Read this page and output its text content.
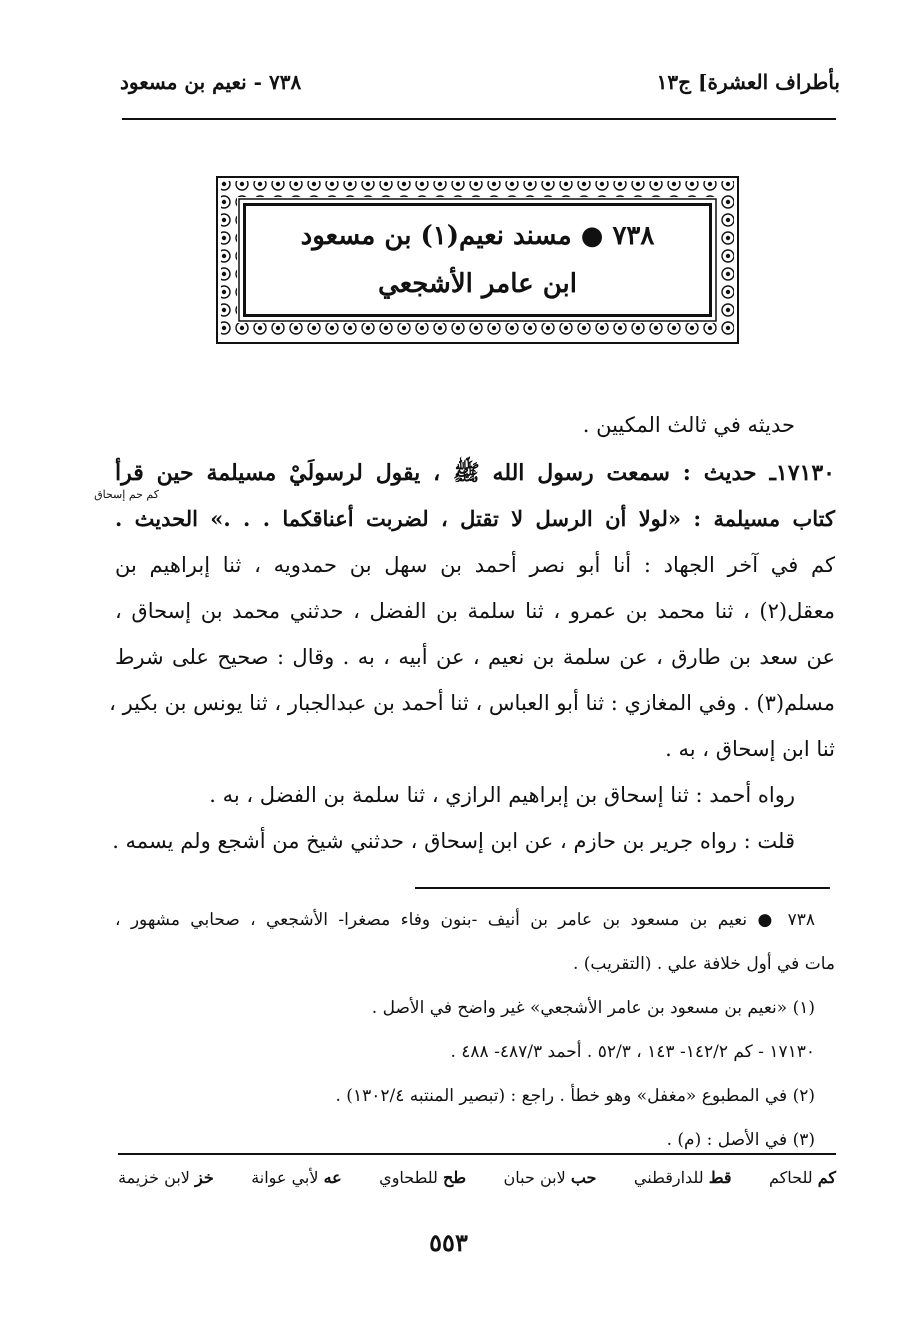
بأطراف العشرة] ج١٣
٧٣٨ - نعيم بن مسعود
٧٣٨ ● مسند نعيم(١) بن مسعود
ابن عامر الأشجعي
حديثه في ثالث المكيين .
١٧١٣٠ـ حديث : سمعت رسول الله ﷺ ، يقول لرسولَيْ مسيلمة حين قرأ
كتاب مسيلمة : «لولا أن الرسل لا تقتل ، لضربت أعناقكما . . .» الحديث .
كم في آخر الجهاد : أنا أبو نصر أحمد بن سهل بن حمدويه ، ثنا إبراهيم بن
معقل(٢) ، ثنا محمد بن عمرو ، ثنا سلمة بن الفضل ، حدثني محمد بن إسحاق ،
عن سعد بن طارق ، عن سلمة بن نعيم ، عن أبيه ، به . وقال : صحيح على شرط
مسلم(٣) . وفي المغازي : ثنا أبو العباس ، ثنا أحمد بن عبدالجبار ، ثنا يونس بن بكير ،
ثنا ابن إسحاق ، به .
رواه أحمد : ثنا إسحاق بن إبراهيم الرازي ، ثنا سلمة بن الفضل ، به .
قلت : رواه جرير بن حازم ، عن ابن إسحاق ، حدثني شيخ من أشجع ولم يسمه .
كم حم إسحاق
٧٣٨ ● نعيم بن مسعود بن عامر بن أنيف -بنون وفاء مصغرا- الأشجعي ، صحابي مشهور ،
مات في أول خلافة علي . (التقريب) .
(١) «نعيم بن مسعود بن عامر الأشجعي» غير واضح في الأصل .
١٧١٣٠ - كم ١٤٢/٢- ١٤٣ ، ٥٢/٣ . أحمد ٤٨٧/٣- ٤٨٨ .
(٢) في المطبوع «مغفل» وهو خطأ . راجع : (تبصير المنتبه ١٣٠٢/٤) .
(٣) في الأصل : (م) .
خز لابن خزيمة	عه لأبي عوانة	طح للطحاوي	حب لابن حبان	قط للدارقطني	كم للحاكم
٥٥٣
